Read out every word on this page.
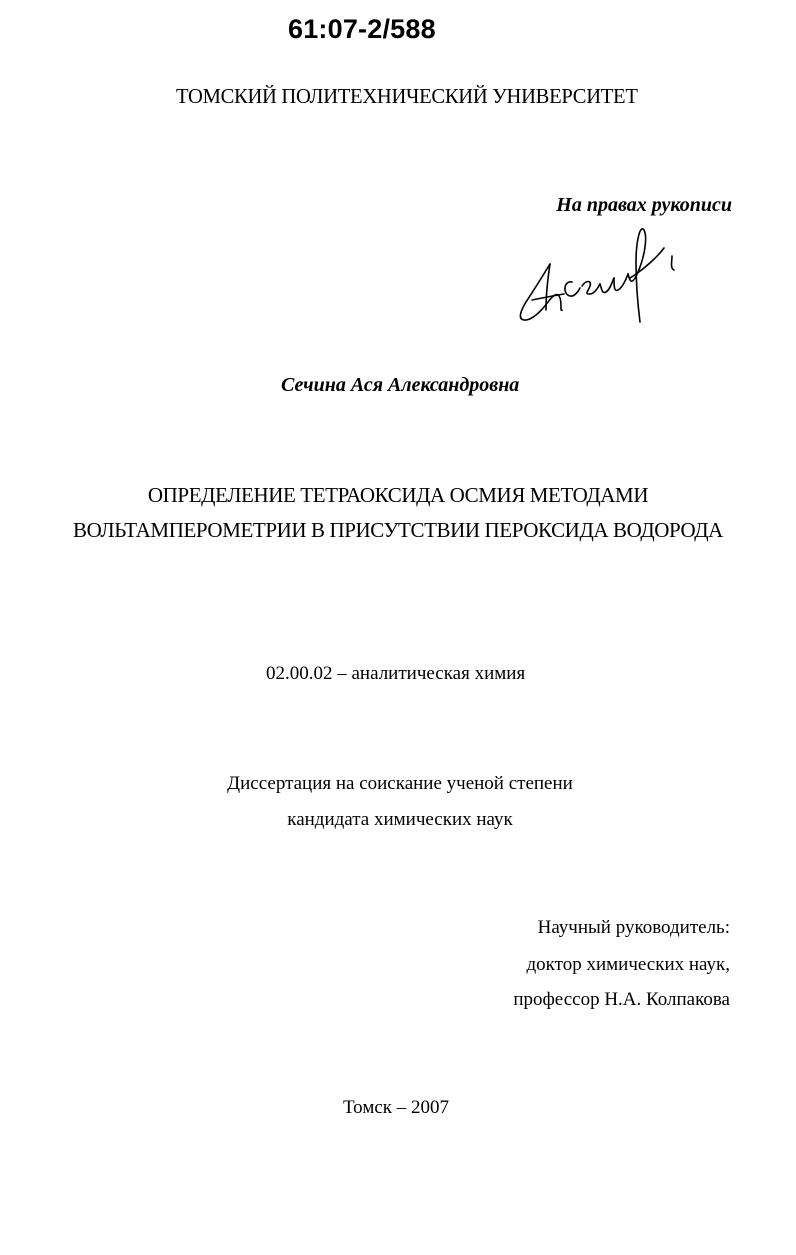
61:07-2/588
ТОМСКИЙ ПОЛИТЕХНИЧЕСКИЙ УНИВЕРСИТЕТ
На правах рукописи
Сечина Ася Александровна
ОПРЕДЕЛЕНИЕ ТЕТРАОКСИДА ОСМИЯ МЕТОДАМИ
ВОЛЬТАМПЕРОМЕТРИИ В ПРИСУТСТВИИ ПЕРОКСИДА ВОДОРОДА
02.00.02 – аналитическая химия
Диссертация на соискание ученой степени
кандидата химических наук
Научный руководитель:
доктор химических наук,
профессор Н.А. Колпакова
Томск – 2007
